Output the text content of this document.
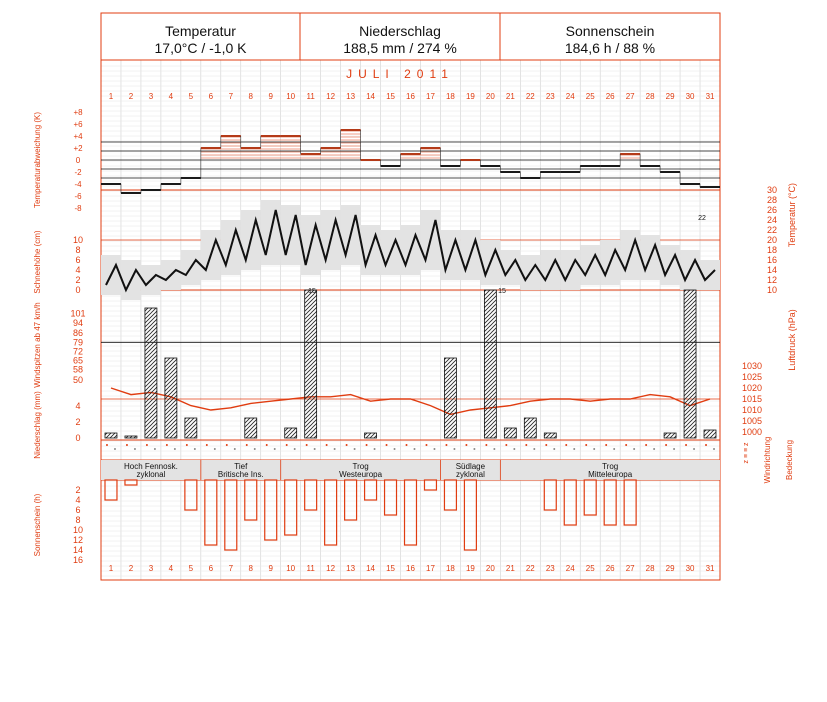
Temperatur
17,0°C / -1,0 K
Niederschlag
188,5 mm / 274 %
Sonnenschein
184,6 h / 88 %
JULI 2011
1
1
2
2
3
3
4
4
5
5
6
6
7
7
8
8
9
9
10
10
11
11
12
12
13
13
14
14
15
15
16
16
17
17
18
18
19
19
20
20
21
21
22
22
23
23
24
24
25
25
26
26
27
27
28
28
29
29
30
30
31
31
+8
+6
+4
+2
0
-2
-4
-6
-8
Temperaturabweichung (K)	30
28
26
24
22
20
18
16
14
12
10
Temperatur (°C)
10
8
6
4
2
0
Schneehöhe (cm)
101
94
86
79
72
65
58
50
Windspitzen ab 47 km/h	1030
1025
1020
1015
1010
1005
1000
Luftdruck (hPa)
4
2
0
Niederschlag (mm)
15	15
22
z ≡ ≡ z Windrichtung Bedeckung
Hoch Fennosk.
zyklonal
Tief
Britische Ins.
Trog
Westeuropa
Südlage
zyklonal
Trog
Mitteleuropa
2
4
6
8
10
12
14
16
Sonnenschein (h)
